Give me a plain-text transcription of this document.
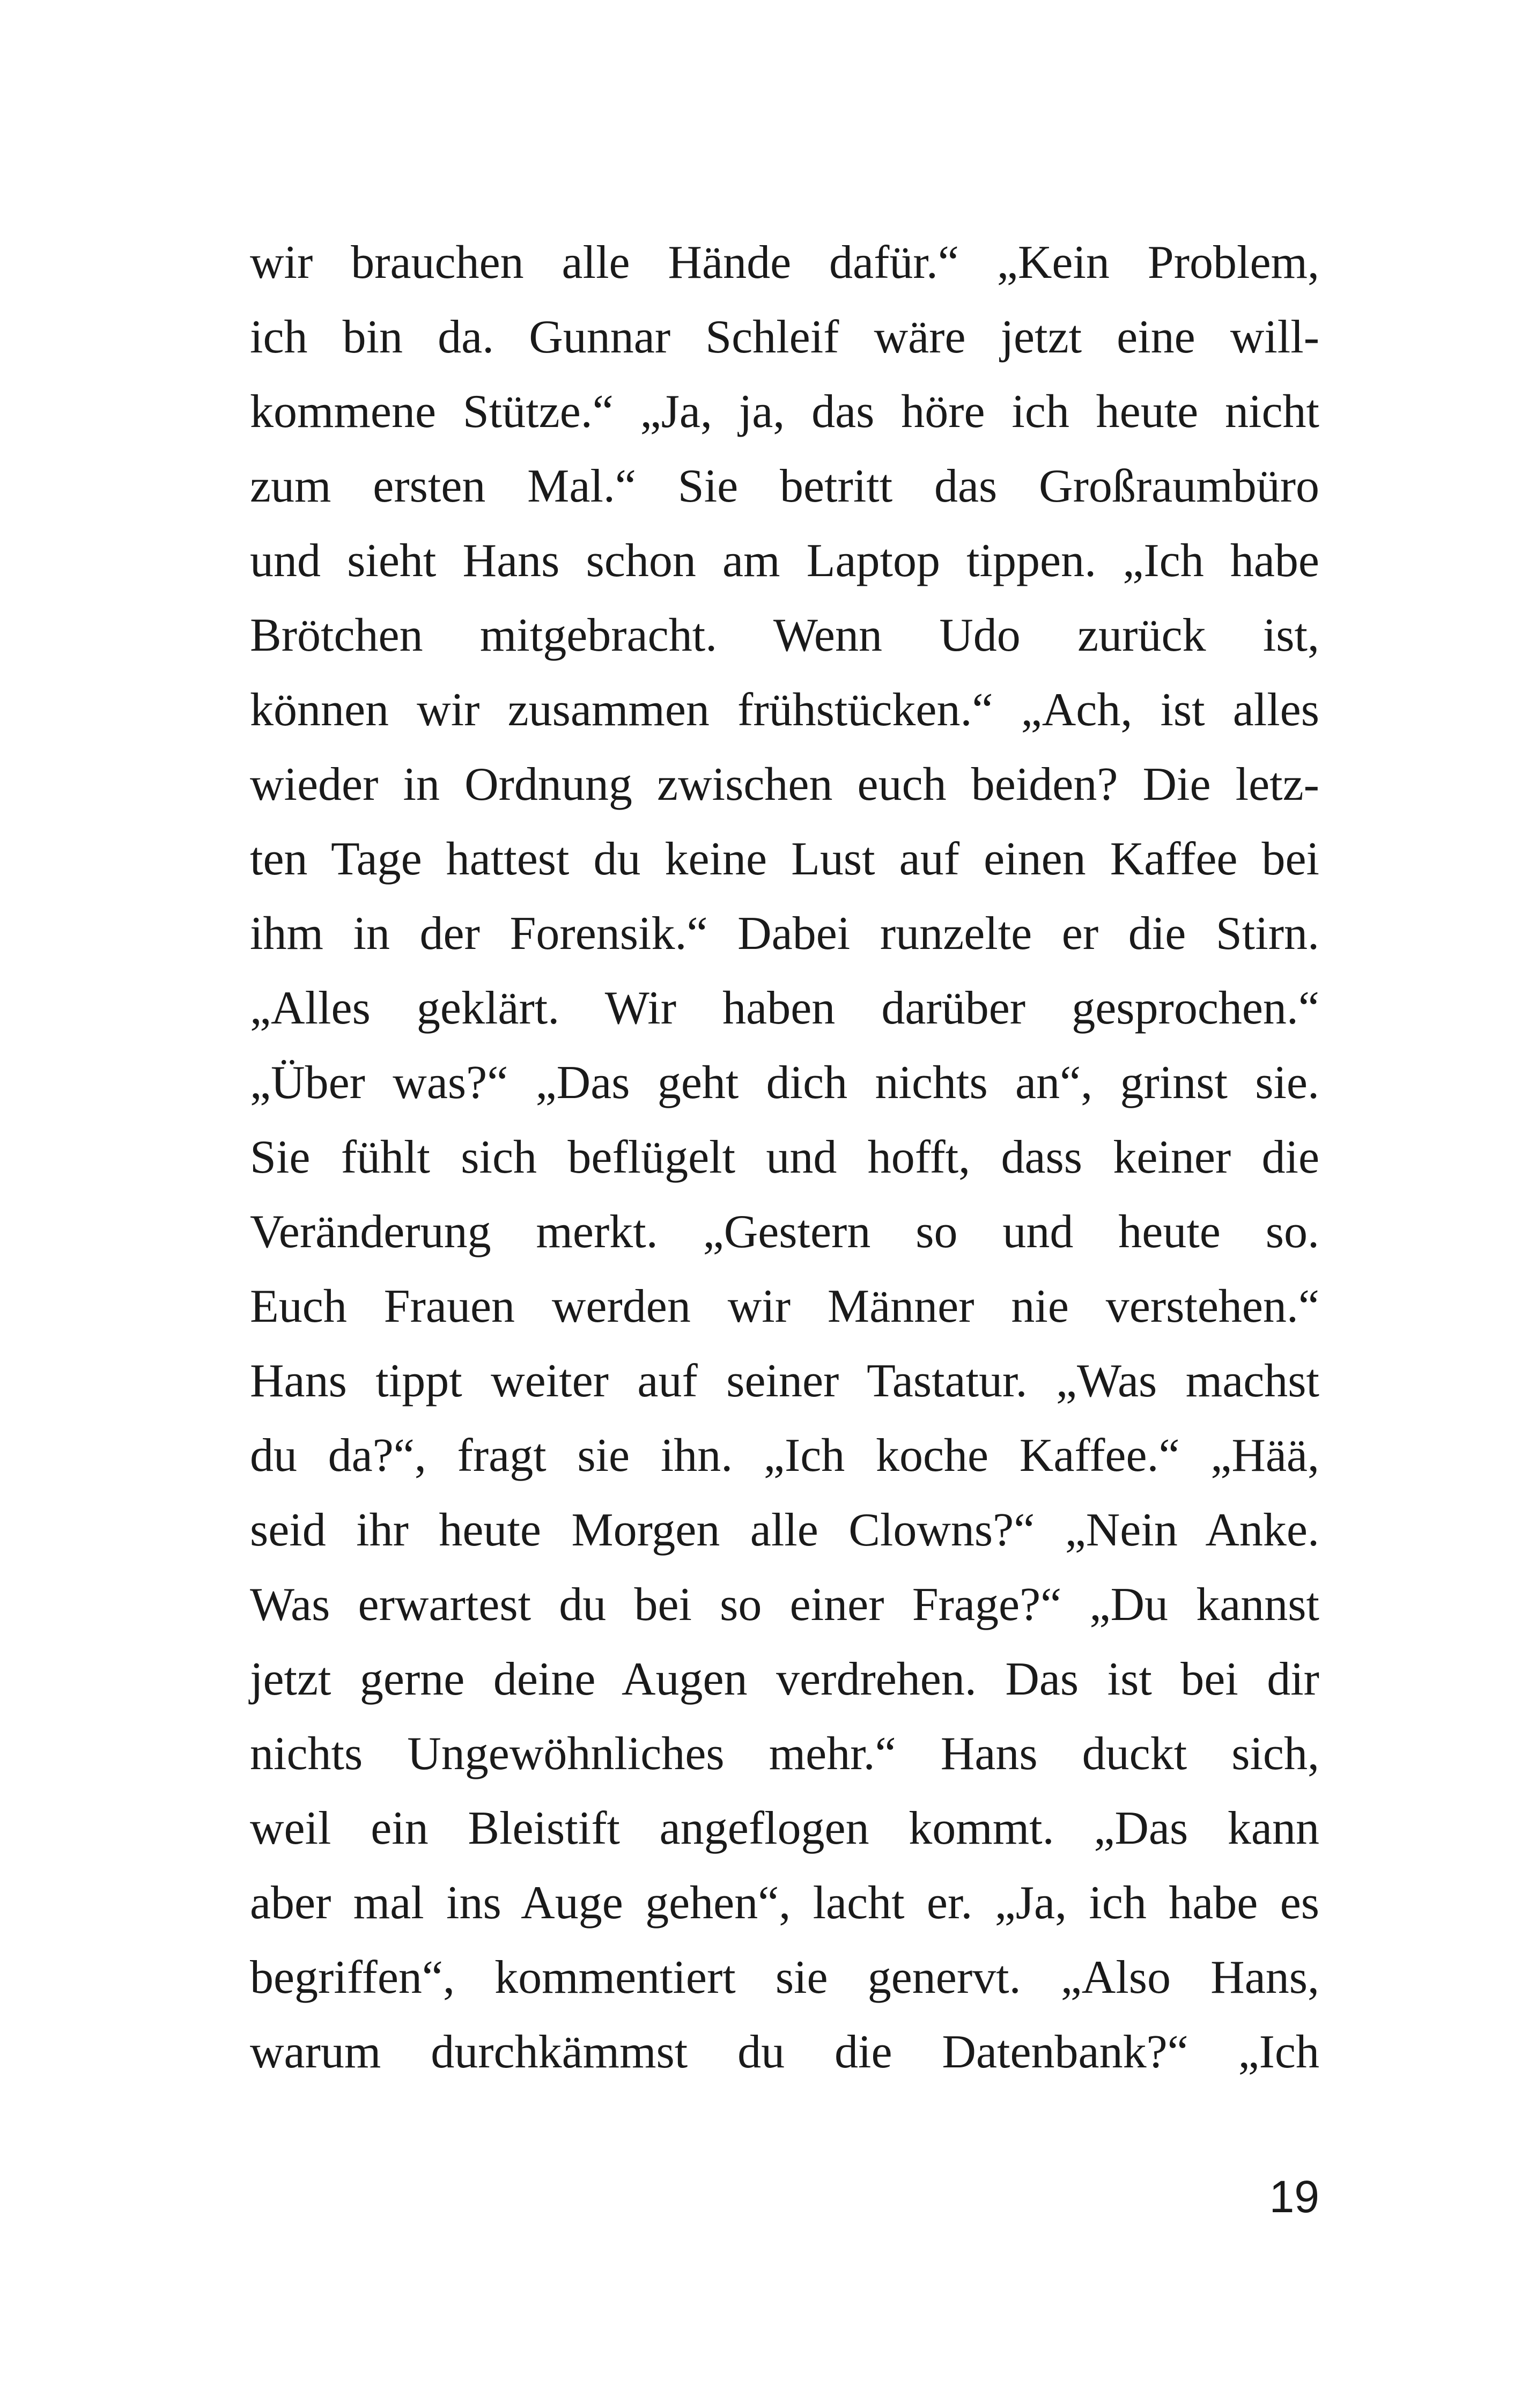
wir brauchen alle Hände dafür.“ „Kein Problem,
ich bin da. Gunnar Schleif wäre jetzt eine will-
kommene Stütze.“ „Ja, ja, das höre ich heute nicht
zum ersten Mal.“ Sie betritt das Großraumbüro
und sieht Hans schon am Laptop tippen. „Ich habe
Brötchen mitgebracht. Wenn Udo zurück ist,
können wir zusammen frühstücken.“ „Ach, ist alles
wieder in Ordnung zwischen euch beiden? Die letz-
ten Tage hattest du keine Lust auf einen Kaffee bei
ihm in der Forensik.“ Dabei runzelte er die Stirn.
„Alles geklärt. Wir haben darüber gesprochen.“
„Über was?“ „Das geht dich nichts an“, grinst sie.
Sie fühlt sich beflügelt und hofft, dass keiner die
Veränderung merkt. „Gestern so und heute so.
Euch Frauen werden wir Männer nie verstehen.“
Hans tippt weiter auf seiner Tastatur. „Was machst
du da?“, fragt sie ihn. „Ich koche Kaffee.“ „Hää,
seid ihr heute Morgen alle Clowns?“ „Nein Anke.
Was erwartest du bei so einer Frage?“ „Du kannst
jetzt gerne deine Augen verdrehen. Das ist bei dir
nichts Ungewöhnliches mehr.“ Hans duckt sich,
weil ein Bleistift angeflogen kommt. „Das kann
aber mal ins Auge gehen“, lacht er. „Ja, ich habe es
begriffen“, kommentiert sie genervt. „Also Hans,
warum durchkämmst du die Datenbank?“ „Ich
19
